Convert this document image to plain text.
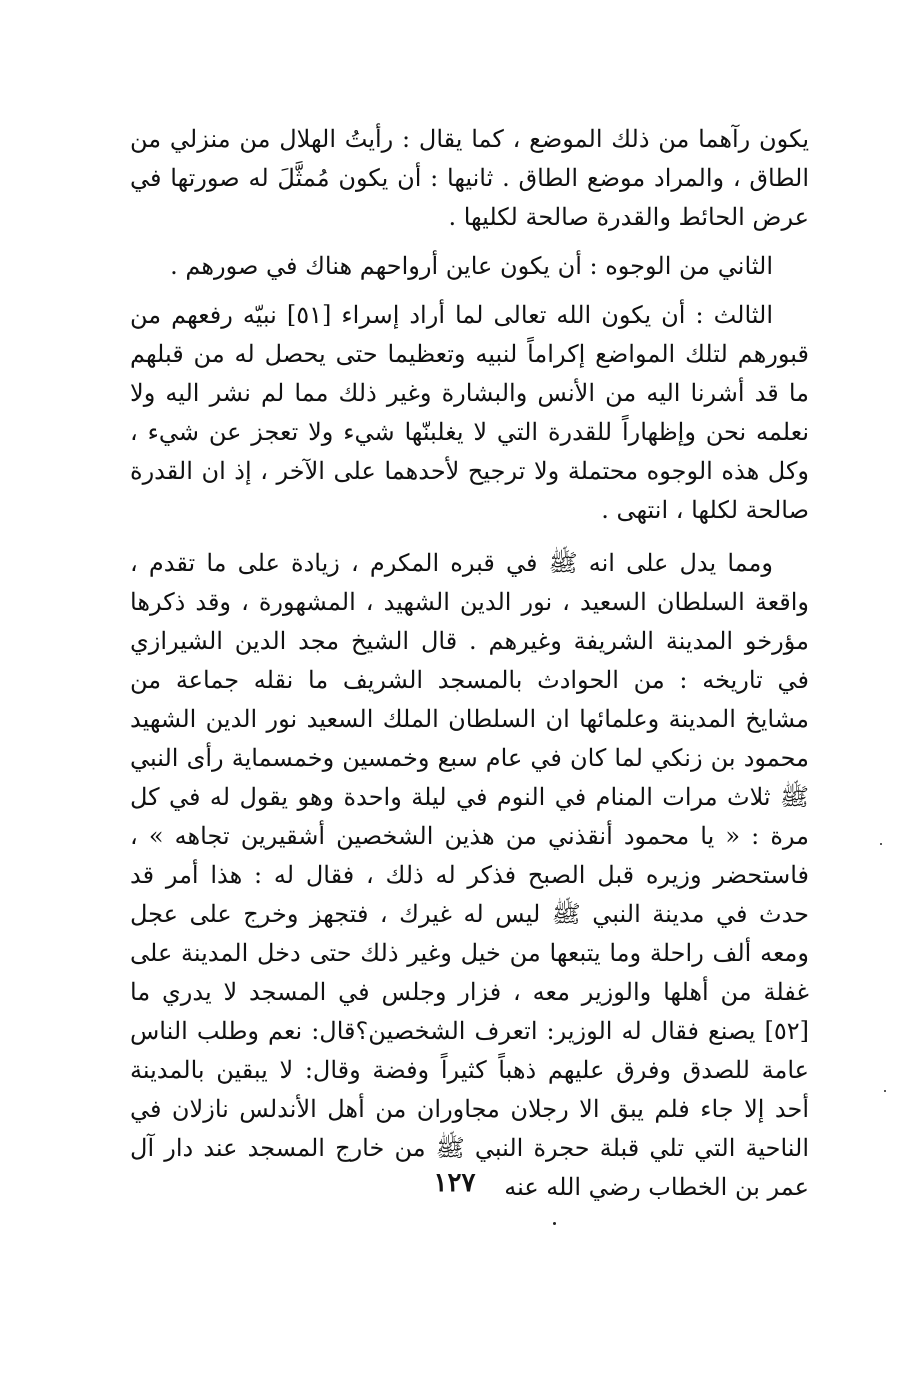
يكون رآهما من ذلك الموضع ، كما يقال : رأيتُ الهلال من منزلي من الطاق ، والمراد موضع الطاق . ثانيها : أن يكون مُمثَّلَ له صورتها في عرض الحائط والقدرة صالحة لكليها .

الثاني من الوجوه : أن يكون عاين أرواحهم هناك في صورهم .

الثالث : أن يكون الله تعالى لما أراد إسراء [٥١] نبيّه رفعهم من قبورهم لتلك المواضع إكراماً لنبيه وتعظيما حتى يحصل له من قبلهم ما قد أشرنا اليه من الأنس والبشارة وغير ذلك مما لم نشر اليه ولا نعلمه نحن وإظهاراً للقدرة التي لا يغلبنّها شيء ولا تعجز عن شيء ، وكل هذه الوجوه محتملة ولا ترجيح لأحدهما على الآخر ، إذ ان القدرة صالحة لكلها ، انتهى .

ومما يدل على انه ﷺ في قبره المكرم ، زيادة على ما تقدم ، واقعة السلطان السعيد ، نور الدين الشهيد ، المشهورة ، وقد ذكرها مؤرخو المدينة الشريفة وغيرهم . قال الشيخ مجد الدين الشيرازي في تاريخه : من الحوادث بالمسجد الشريف ما نقله جماعة من مشايخ المدينة وعلمائها ان السلطان الملك السعيد نور الدين الشهيد محمود بن زنكي لما كان في عام سبع وخمسين وخمسماية رأى النبي ﷺ ثلاث مرات المنام في النوم في ليلة واحدة وهو يقول له في كل مرة : « يا محمود أنقذني من هذين الشخصين أشقيرين تجاهه » ، فاستحضر وزيره قبل الصبح فذكر له ذلك ، فقال له : هذا أمر قد حدث في مدينة النبي ﷺ ليس له غيرك ، فتجهز وخرج على عجل ومعه ألف راحلة وما يتبعها من خيل وغير ذلك حتى دخل المدينة على غفلة من أهلها والوزير معه ، فزار وجلس في المسجد لا يدري ما [٥٢] يصنع فقال له الوزير: اتعرف الشخصين؟قال: نعم وطلب الناس عامة للصدق وفرق عليهم ذهباً كثيراً وفضة وقال: لا يبقين بالمدينة أحد إلا جاء فلم يبق الا رجلان مجاوران من أهل الأندلس نازلان في الناحية التي تلي قبلة حجرة النبي ﷺ من خارج المسجد عند دار آل عمر بن الخطاب رضي الله عنه

١٢٧
